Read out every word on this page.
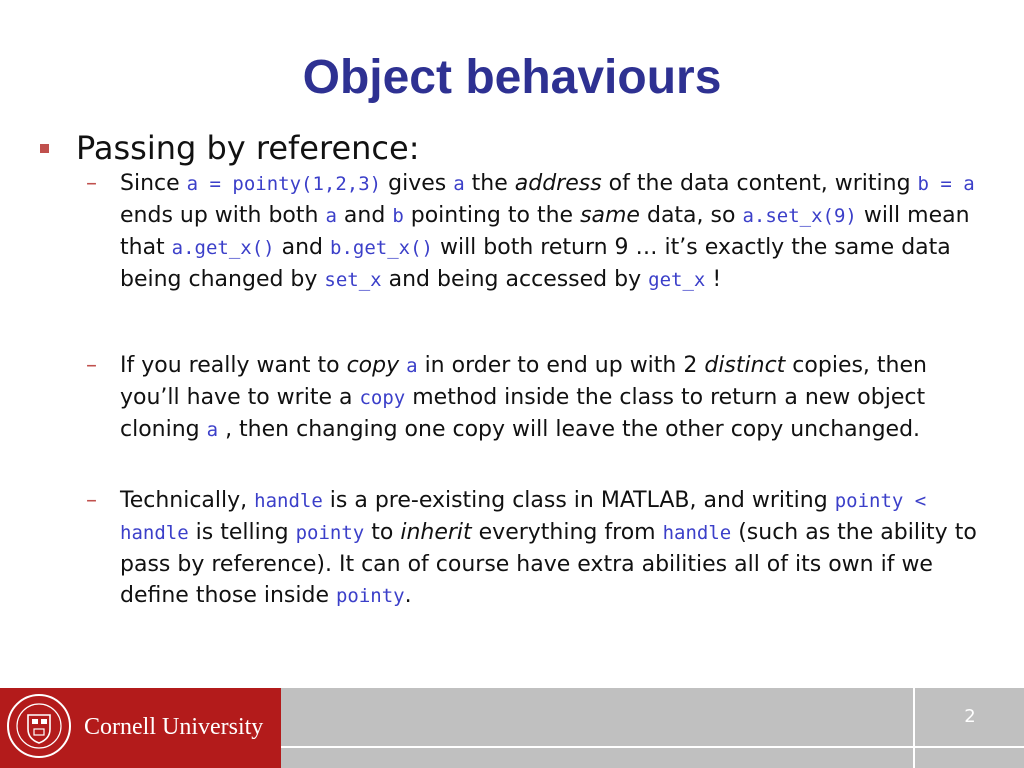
Object behaviours

Passing by reference:

– Since a = pointy(1,2,3) gives a the address of the data content, writing b = a ends up with both a and b pointing to the same data, so a.set_x(9) will mean that a.get_x() and b.get_x() will both return 9 … it’s exactly the same data being changed by set_x and being accessed by get_x !

– If you really want to copy a in order to end up with 2 distinct copies, then you’ll have to write a copy method inside the class to return a new object cloning a , then changing one copy will leave the other copy unchanged.

– Technically, handle is a pre-existing class in MATLAB, and writing pointy < handle is telling pointy to inherit everything from handle (such as the ability to pass by reference). It can of course have extra abilities all of its own if we define those inside pointy.

Cornell University	2
